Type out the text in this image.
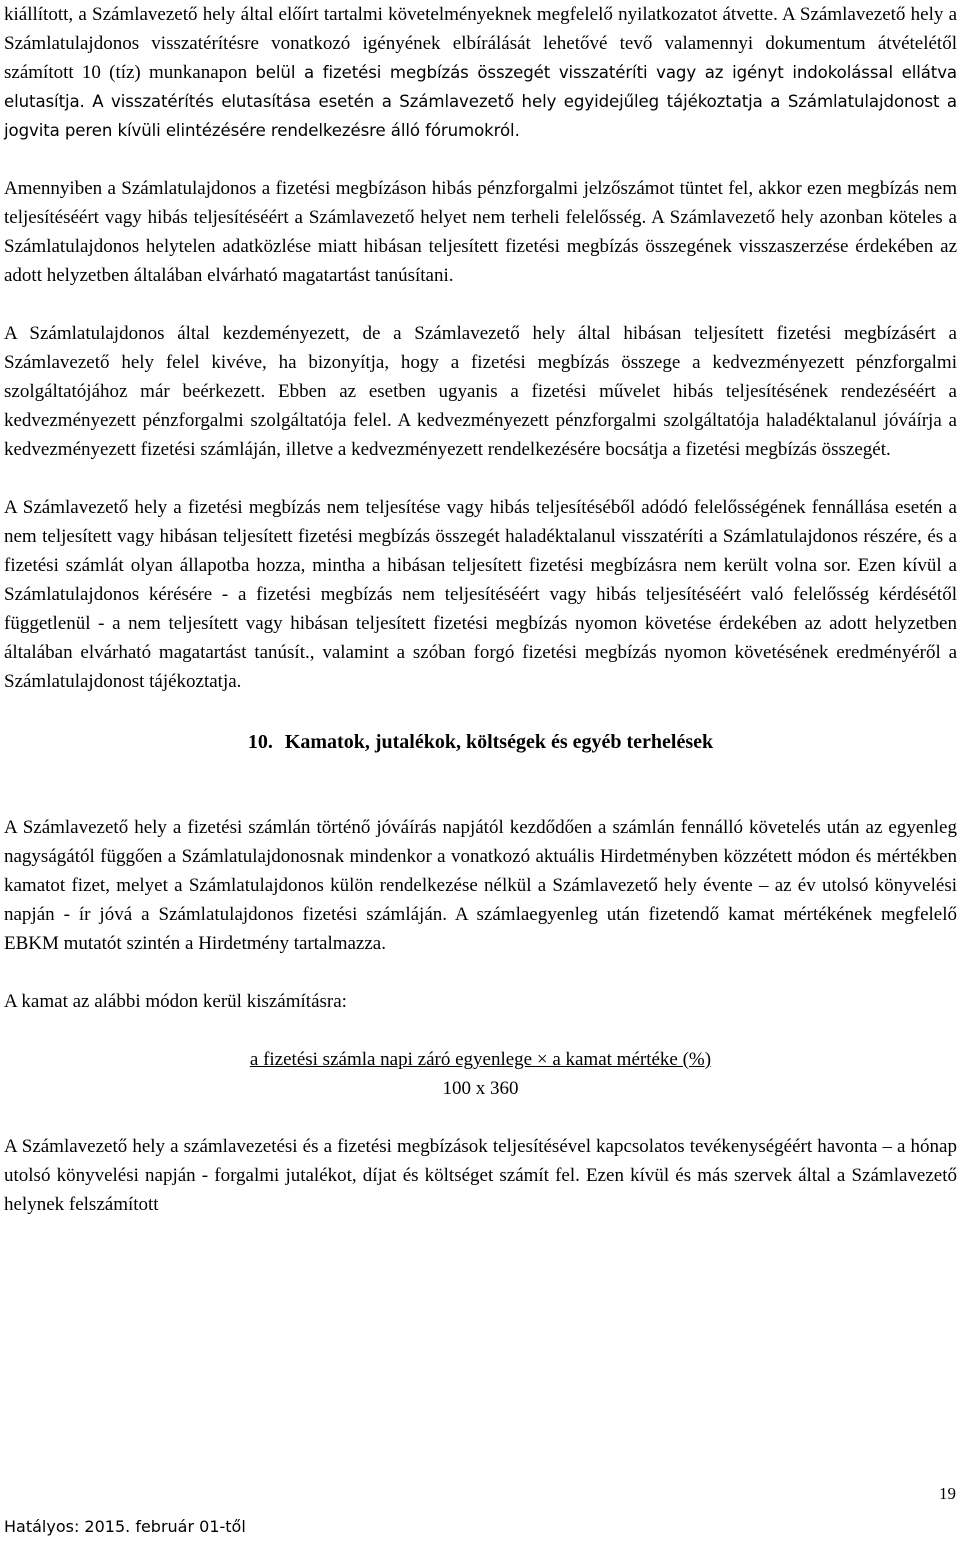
kiállított, a Számlavezető hely által előírt tartalmi követelményeknek megfelelő nyilatkozatot átvette. A Számlavezető hely a Számlatulajdonos visszatérítésre vonatkozó igényének elbírálását lehetővé tevő valamennyi dokumentum átvételétől számított 10 (tíz) munkanapon belül a fizetési megbízás összegét visszatéríti vagy az igényt indokolással ellátva elutasítja. A visszatérítés elutasítása esetén a Számlavezető hely egyidejűleg tájékoztatja a Számlatulajdonost a jogvita peren kívüli elintézésére rendelkezésre álló fórumokról.

Amennyiben a Számlatulajdonos a fizetési megbízáson hibás pénzforgalmi jelzőszámot tüntet fel, akkor ezen megbízás nem teljesítéséért vagy hibás teljesítéséért a Számlavezető helyet nem terheli felelősség. A Számlavezető hely azonban köteles a Számlatulajdonos helytelen adatközlése miatt hibásan teljesített fizetési megbízás összegének visszaszerzése érdekében az adott helyzetben általában elvárható magatartást tanúsítani.

A Számlatulajdonos által kezdeményezett, de a Számlavezető hely által hibásan teljesített fizetési megbízásért a Számlavezető hely felel kivéve, ha bizonyítja, hogy a fizetési megbízás összege a kedvezményezett pénzforgalmi szolgáltatójához már beérkezett. Ebben az esetben ugyanis a fizetési művelet hibás teljesítésének rendezéséért a kedvezményezett pénzforgalmi szolgáltatója felel. A kedvezményezett pénzforgalmi szolgáltatója haladéktalanul jóváírja a kedvezményezett fizetési számláján, illetve a kedvezményezett rendelkezésére bocsátja a fizetési megbízás összegét.

A Számlavezető hely a fizetési megbízás nem teljesítése vagy hibás teljesítéséből adódó felelősségének fennállása esetén a nem teljesített vagy hibásan teljesített fizetési megbízás összegét haladéktalanul visszatéríti a Számlatulajdonos részére, és a fizetési számlát olyan állapotba hozza, mintha a hibásan teljesített fizetési megbízásra nem került volna sor. Ezen kívül a Számlatulajdonos kérésére - a fizetési megbízás nem teljesítéséért vagy hibás teljesítéséért való felelősség kérdésétől függetlenül - a nem teljesített vagy hibásan teljesített fizetési megbízás nyomon követése érdekében az adott helyzetben általában elvárható magatartást tanúsít., valamint a szóban forgó fizetési megbízás nyomon követésének eredményéről a Számlatulajdonost tájékoztatja.

10. Kamatok, jutalékok, költségek és egyéb terhelések

A Számlavezető hely a fizetési számlán történő jóváírás napjától kezdődően a számlán fennálló követelés után az egyenleg nagyságától függően a Számlatulajdonosnak mindenkor a vonatkozó aktuális Hirdetményben közzétett módon és mértékben kamatot fizet, melyet a Számlatulajdonos külön rendelkezése nélkül a Számlavezető hely évente – az év utolsó könyvelési napján - ír jóvá a Számlatulajdonos fizetési számláján. A számlaegyenleg után fizetendő kamat mértékének megfelelő EBKM mutatót szintén a Hirdetmény tartalmazza.

A kamat az alábbi módon kerül kiszámításra:

a fizetési számla napi záró egyenlege × a kamat mértéke (%)
100 x 360

A Számlavezető hely a számlavezetési és a fizetési megbízások teljesítésével kapcsolatos tevékenységéért havonta – a hónap utolsó könyvelési napján - forgalmi jutalékot, díjat és költséget számít fel. Ezen kívül és más szervek által a Számlavezető helynek felszámított

19
Hatályos: 2015. február 01-től
